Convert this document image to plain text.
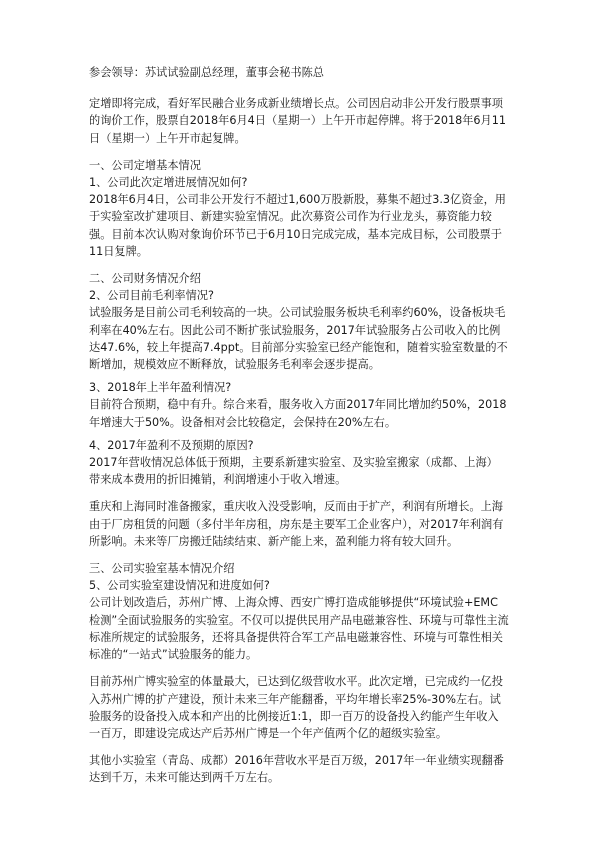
参会领导：苏试试验副总经理，董事会秘书陈总

定增即将完成，看好军民融合业务成新业绩增长点。公司因启动非公开发行股票事项的询价工作，股票自2018年6月4日（星期一）上午开市起停牌。将于2018年6月11日（星期一）上午开市起复牌。

一、公司定增基本情况

1、公司此次定增进展情况如何?

2018年6月4日，公司非公开发行不超过1,600万股新股，募集不超过3.3亿资金，用于实验室改扩建项目、新建实验室情况。此次募资公司作为行业龙头，募资能力较强。目前本次认购对象询价环节已于6月10日完成完成，基本完成目标，公司股票于11日复牌。

二、公司财务情况介绍

2、公司目前毛利率情况?

试验服务是目前公司毛利较高的一块。公司试验服务板块毛利率约60%，设备板块毛利率在40%左右。因此公司不断扩张试验服务，2017年试验服务占公司收入的比例达47.6%，较上年提高7.4ppt。目前部分实验室已经产能饱和，随着实验室数量的不断增加，规模效应不断释放，试验服务毛利率会逐步提高。

3、2018年上半年盈利情况?

目前符合预期，稳中有升。综合来看，服务收入方面2017年同比增加约50%，2018年增速大于50%。设备相对会比较稳定，会保持在20%左右。

4、2017年盈利不及预期的原因?

2017年营收情况总体低于预期，主要系新建实验室、及实验室搬家（成都、上海）带来成本费用的折旧摊销，利润增速小于收入增速。

重庆和上海同时准备搬家，重庆收入没受影响，反而由于扩产，利润有所增长。上海由于厂房租赁的问题（多付半年房租，房东是主要军工企业客户），对2017年利润有所影响。未来等厂房搬迁陆续结束、新产能上来，盈利能力将有较大回升。

三、公司实验室基本情况介绍

5、公司实验室建设情况和进度如何?

公司计划改造后，苏州广博、上海众博、西安广博打造成能够提供“环境试验+EMC检测”全面试验服务的实验室。不仅可以提供民用产品电磁兼容性、环境与可靠性主流标准所规定的试验服务，还将具备提供符合军工产品电磁兼容性、环境与可靠性相关标准的“一站式”试验服务的能力。

目前苏州广博实验室的体量最大，已达到亿级营收水平。此次定增，已完成约一亿投入苏州广博的扩产建设，预计未来三年产能翻番，平均年增长率25%-30%左右。试验服务的设备投入成本和产出的比例接近1:1，即一百万的设备投入约能产生年收入一百万，即建设完成达产后苏州广博是一个年产值两个亿的超级实验室。

其他小实验室（青岛、成都）2016年营收水平是百万级，2017年一年业绩实现翻番达到千万，未来可能达到两千万左右。
